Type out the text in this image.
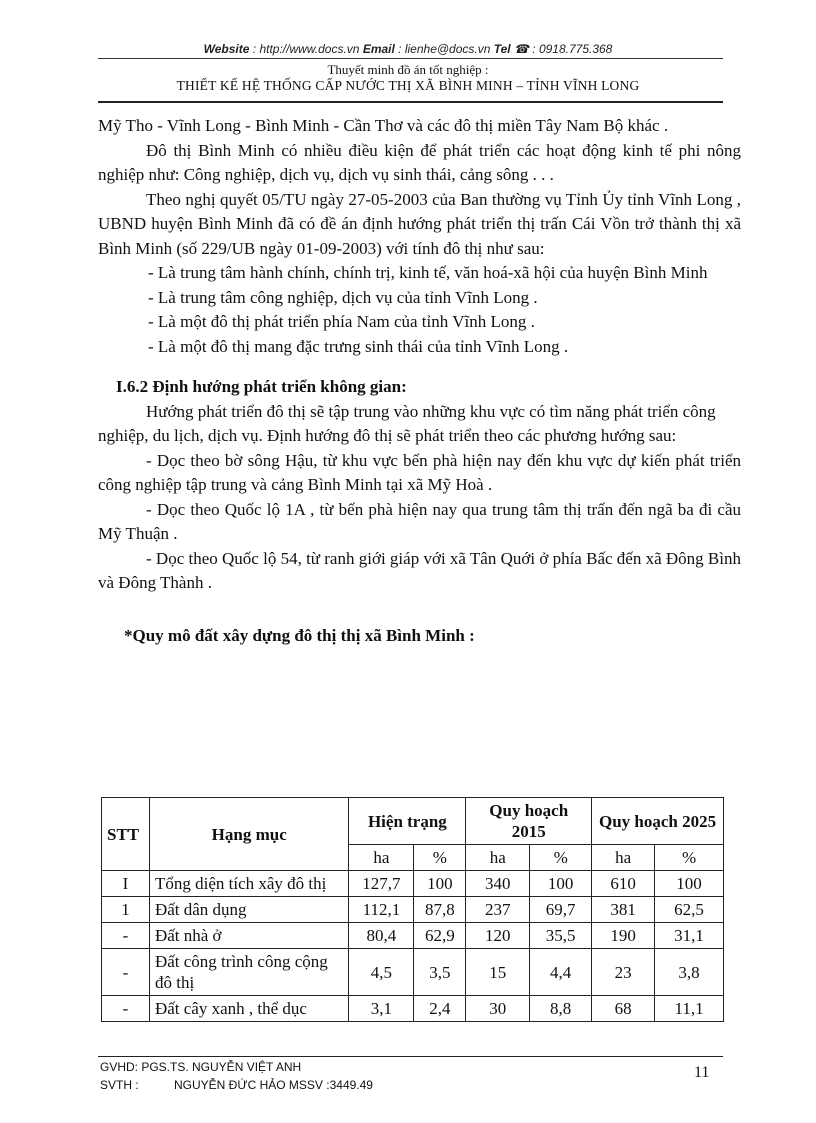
Website : http://www.docs.vn Email : lienhe@docs.vn Tel ☎ : 0918.775.368
Thuyết minh đồ án tốt nghiệp :
THIẾT KẾ HỆ THỐNG CẤP NƯỚC THỊ XÃ BÌNH MINH – TỈNH VĨNH LONG

Mỹ Tho - Vĩnh Long - Bình Minh - Cần Thơ và các đô thị miền Tây Nam Bộ khác .

Đô thị Bình Minh có nhiều điều kiện để phát triển các hoạt động kinh tế phi nông nghiệp như: Công nghiệp, dịch vụ, dịch vụ sinh thái, cảng sông . . .

Theo nghị quyết 05/TU ngày 27-05-2003 của Ban thường vụ Tỉnh Ủy tỉnh Vĩnh Long , UBND huyện Bình Minh đã có đề án định hướng phát triển thị trấn Cái Vồn trở thành thị xã Bình Minh (số 229/UB ngày 01-09-2003) với tính đô thị như sau:

- Là trung tâm hành chính, chính trị, kinh tế, văn hoá-xã hội của huyện Bình Minh

- Là trung tâm công nghiệp, dịch vụ của tỉnh Vĩnh Long .

- Là một đô thị phát triển phía Nam của tỉnh Vĩnh Long .

- Là một đô thị mang đặc trưng sinh thái của tỉnh Vĩnh Long .

I.6.2 Định hướng phát triển không gian:

Hướng phát triển đô thị sẽ tập trung vào những khu vực có tìm năng phát triển công

nghiệp, du lịch, dịch vụ. Định hướng đô thị sẽ phát triển theo các phương hướng sau:

- Dọc theo bờ sông Hậu, từ khu vực bến phà hiện nay đến khu vực dự kiến phát triển công nghiệp tập trung và cảng Bình Minh tại xã Mỹ Hoà .

- Dọc theo Quốc lộ 1A , từ bến phà hiện nay qua trung tâm thị trấn đến ngã ba đi cầu Mỹ Thuận .

- Dọc theo Quốc lộ 54, từ ranh giới giáp với xã Tân Quới ở phía Bấc đến xã Đông Bình và Đông Thành .

*Quy mô đất xây dựng đô thị thị xã Bình Minh :

STT	Hạng mục	Hiện trạng		Quy hoạch 2015		Quy hoạch 2025	
		ha	%	ha	%	ha	%
I	Tổng diện tích xây đô thị	127,7	100	340	100	610	100
1	Đất dân dụng	112,1	87,8	237	69,7	381	62,5
-	Đất nhà ở	80,4	62,9	120	35,5	190	31,1
-	Đất công trình công cộng đô thị	4,5	3,5	15	4,4	23	3,8
-	Đất cây xanh , thể dục	3,1	2,4	30	8,8	68	11,1
GVHD: PGS.TS. NGUYỄN VIỆT ANH
SVTH :	NGUYỄN ĐỨC HẢO MSSV :3449.49
11
